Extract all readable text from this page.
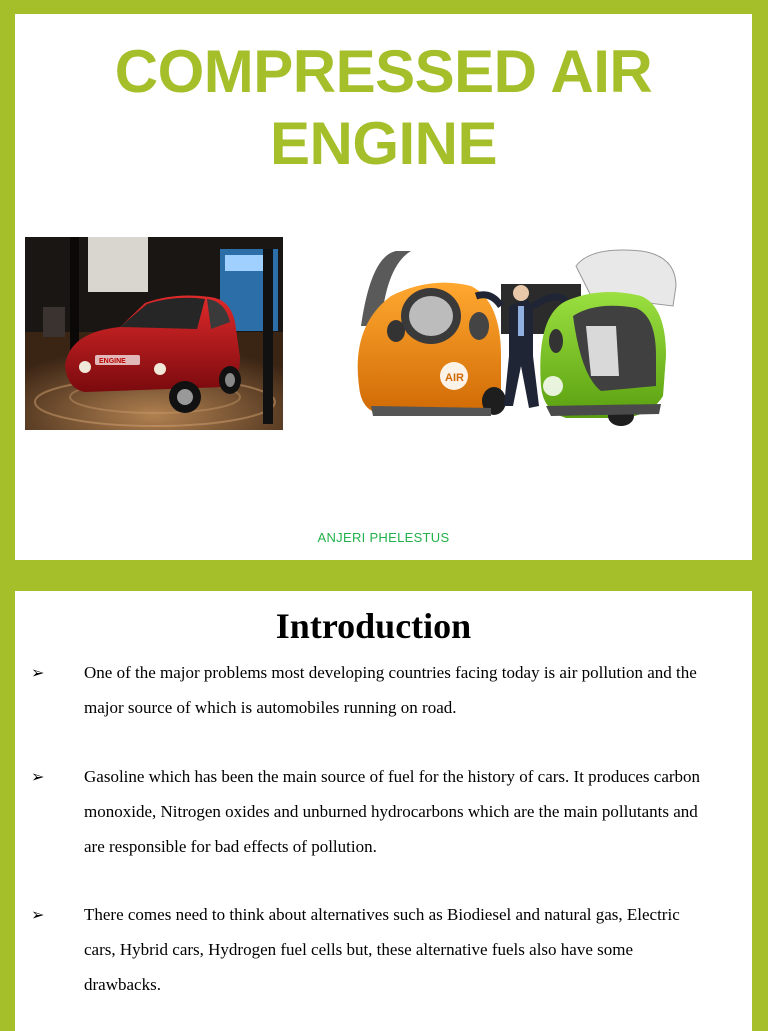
COMPRESSED AIR
ENGINE
ENGINE
AIR
ANJERI PHELESTUS
Introduction
➢ One of the major problems most developing countries facing today is air pollution and the major source of which is automobiles running on road.
➢ Gasoline which has been the main source of fuel for the history of cars. It produces carbon monoxide, Nitrogen oxides and unburned hydrocarbons which are the main pollutants and are responsible for bad effects of pollution.
➢ There comes need to think about alternatives such as Biodiesel and natural gas, Electric cars, Hybrid cars, Hydrogen fuel cells but, these alternative fuels also have some drawbacks.
